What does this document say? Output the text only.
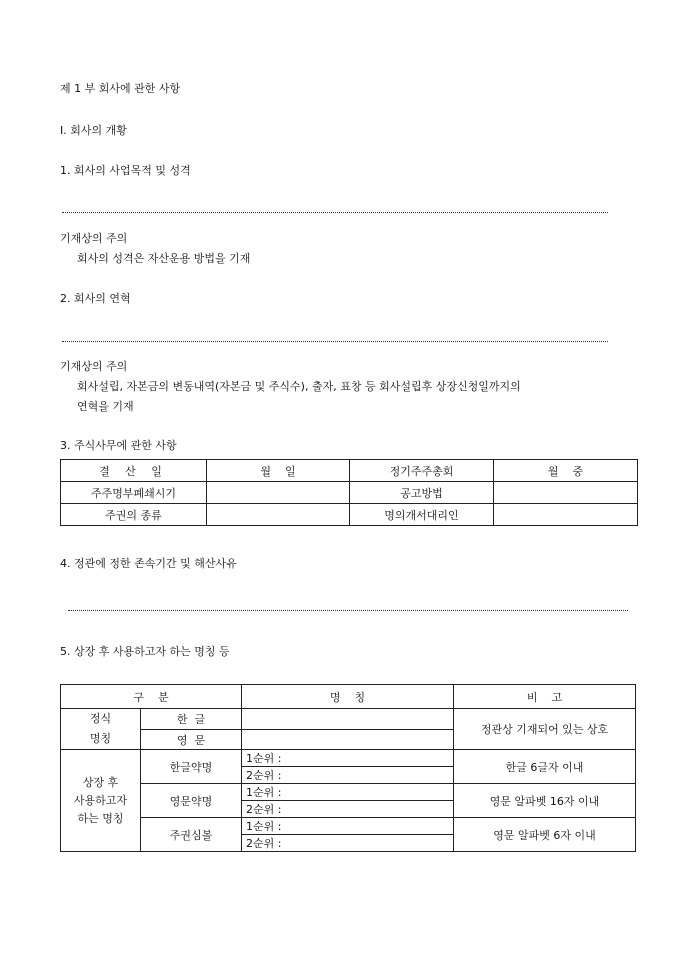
제 1 부 회사에 관한 사항
Ⅰ. 회사의 개황
1. 회사의 사업목적 및 성격
기재상의 주의
회사의 성격은 자산운용 방법을 기재
2. 회사의 연혁
기재상의 주의
회사설립, 자본금의 변동내역(자본금 및 주식수), 출자, 표창 등 회사설립후 상장신청일까지의
연혁을 기재
3. 주식사무에 관한 사항
결 산 일	월    일	정기주주총회	월    중
주주명부폐쇄시기		공고방법	
주권의 종류		명의개서대리인	
4. 정관에 정한 존속기간 및 해산사유
5. 상장 후 사용하고자 하는 명칭 등
구    분		명    칭	비    고

정식
명칭	한  글		정관상 기재되어 있는 상호
	영  문		

상장 후
사용하고자
하는 명칭	한글약명	1순위 :	한글 6글자 이내
		2순위 :	
	영문약명	1순위 :	영문 알파벳 16자 이내
		2순위 :	
	주권심볼	1순위 :	영문 알파벳 6자 이내
		2순위 :	
